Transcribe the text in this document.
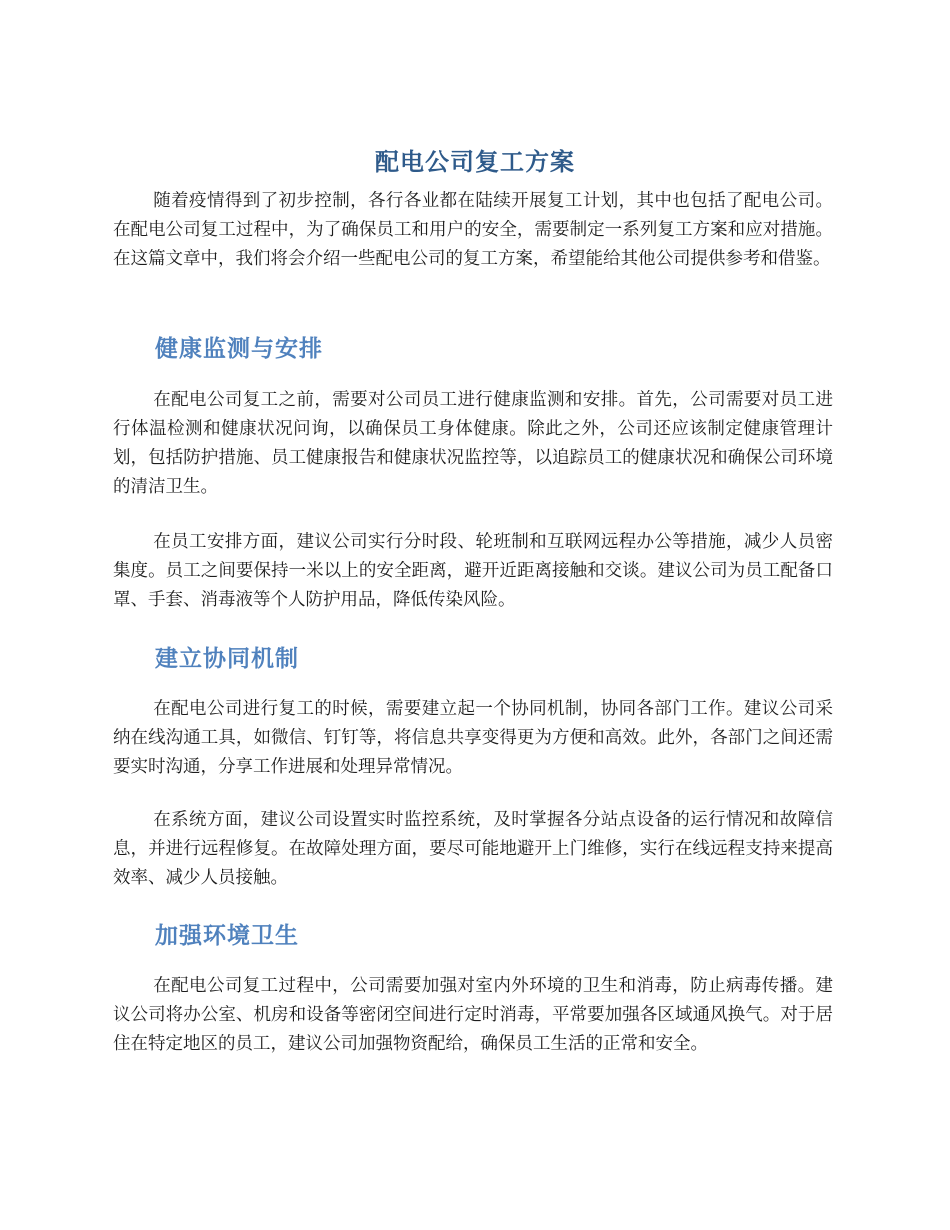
配电公司复工方案

随着疫情得到了初步控制，各行各业都在陆续开展复工计划，其中也包括了配电公司。在配电公司复工过程中，为了确保员工和用户的安全，需要制定一系列复工方案和应对措施。在这篇文章中，我们将会介绍一些配电公司的复工方案，希望能给其他公司提供参考和借鉴。

健康监测与安排

在配电公司复工之前，需要对公司员工进行健康监测和安排。首先，公司需要对员工进行体温检测和健康状况问询，以确保员工身体健康。除此之外，公司还应该制定健康管理计划，包括防护措施、员工健康报告和健康状况监控等，以追踪员工的健康状况和确保公司环境的清洁卫生。

在员工安排方面，建议公司实行分时段、轮班制和互联网远程办公等措施，减少人员密集度。员工之间要保持一米以上的安全距离，避开近距离接触和交谈。建议公司为员工配备口罩、手套、消毒液等个人防护用品，降低传染风险。

建立协同机制

在配电公司进行复工的时候，需要建立起一个协同机制，协同各部门工作。建议公司采纳在线沟通工具，如微信、钉钉等，将信息共享变得更为方便和高效。此外，各部门之间还需要实时沟通，分享工作进展和处理异常情况。

在系统方面，建议公司设置实时监控系统，及时掌握各分站点设备的运行情况和故障信息，并进行远程修复。在故障处理方面，要尽可能地避开上门维修，实行在线远程支持来提高效率、减少人员接触。

加强环境卫生

在配电公司复工过程中，公司需要加强对室内外环境的卫生和消毒，防止病毒传播。建议公司将办公室、机房和设备等密闭空间进行定时消毒，平常要加强各区域通风换气。对于居住在特定地区的员工，建议公司加强物资配给，确保员工生活的正常和安全。
